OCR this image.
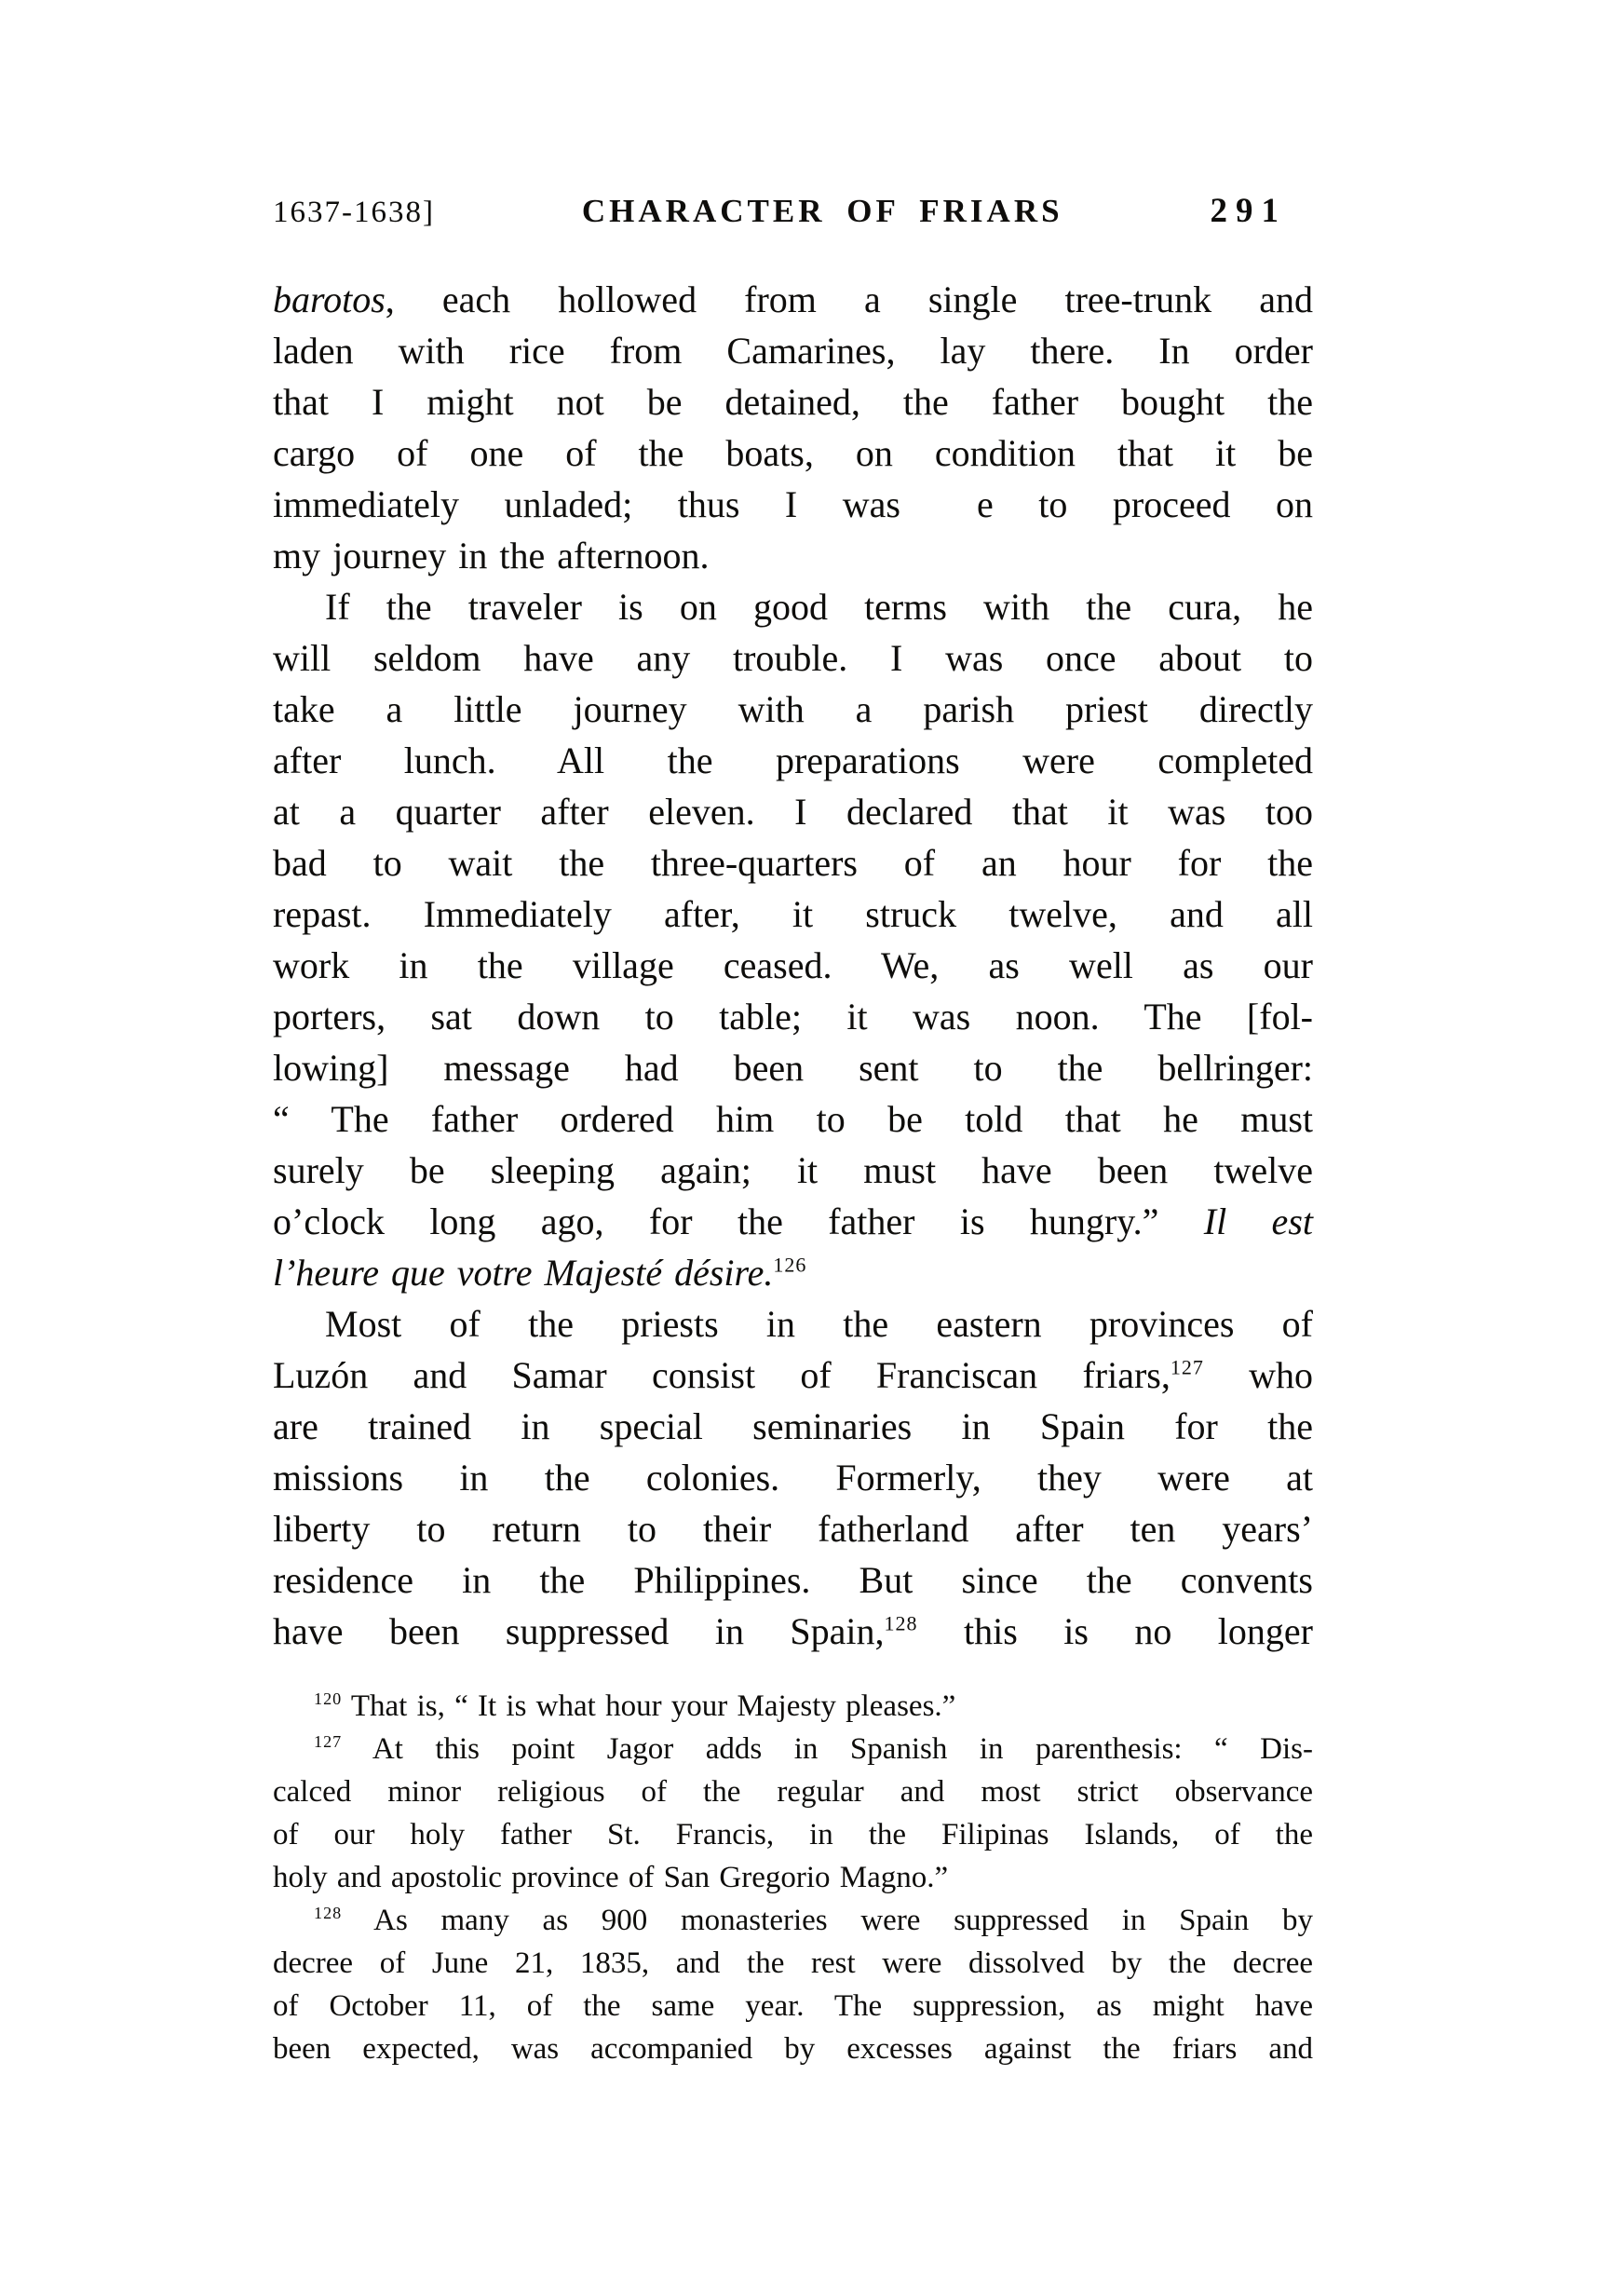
1637-1638]	CHARACTER OF FRIARS	291
barotos, each hollowed from a single tree-trunk and
laden with rice from Camarines, lay there. In order
that I might not be detained, the father bought the
cargo of one of the boats, on condition that it be
immediately unladed; thus I was e to proceed on
my journey in the afternoon.
If the traveler is on good terms with the cura, he
will seldom have any trouble. I was once about to
take a little journey with a parish priest directly
after lunch. All the preparations were completed
at a quarter after eleven. I declared that it was too
bad to wait the three-quarters of an hour for the
repast. Immediately after, it struck twelve, and all
work in the village ceased. We, as well as our
porters, sat down to table; it was noon. The [fol-
lowing] message had been sent to the bellringer:
“ The father ordered him to be told that he must
surely be sleeping again; it must have been twelve
o’clock long ago, for the father is hungry.” Il est
l’heure que votre Majesté désire.$^{126}$
Most of the priests in the eastern provinces of
Luzón and Samar consist of Franciscan friars,$^{127}$ who
are trained in special seminaries in Spain for the
missions in the colonies. Formerly, they were at
liberty to return to their fatherland after ten years’
residence in the Philippines. But since the convents
have been suppressed in Spain,$^{128}$ this is no longer
$^{120}$ That is, “ It is what hour your Majesty pleases.”
$^{127}$ At this point Jagor adds in Spanish in parenthesis: “ Dis-
calced minor religious of the regular and most strict observance
of our holy father St. Francis, in the Filipinas Islands, of the
holy and apostolic province of San Gregorio Magno.”
$^{128}$ As many as 900 monasteries were suppressed in Spain by
decree of June 21, 1835, and the rest were dissolved by the decree
of October 11, of the same year. The suppression, as might have
been expected, was accompanied by excesses against the friars and
